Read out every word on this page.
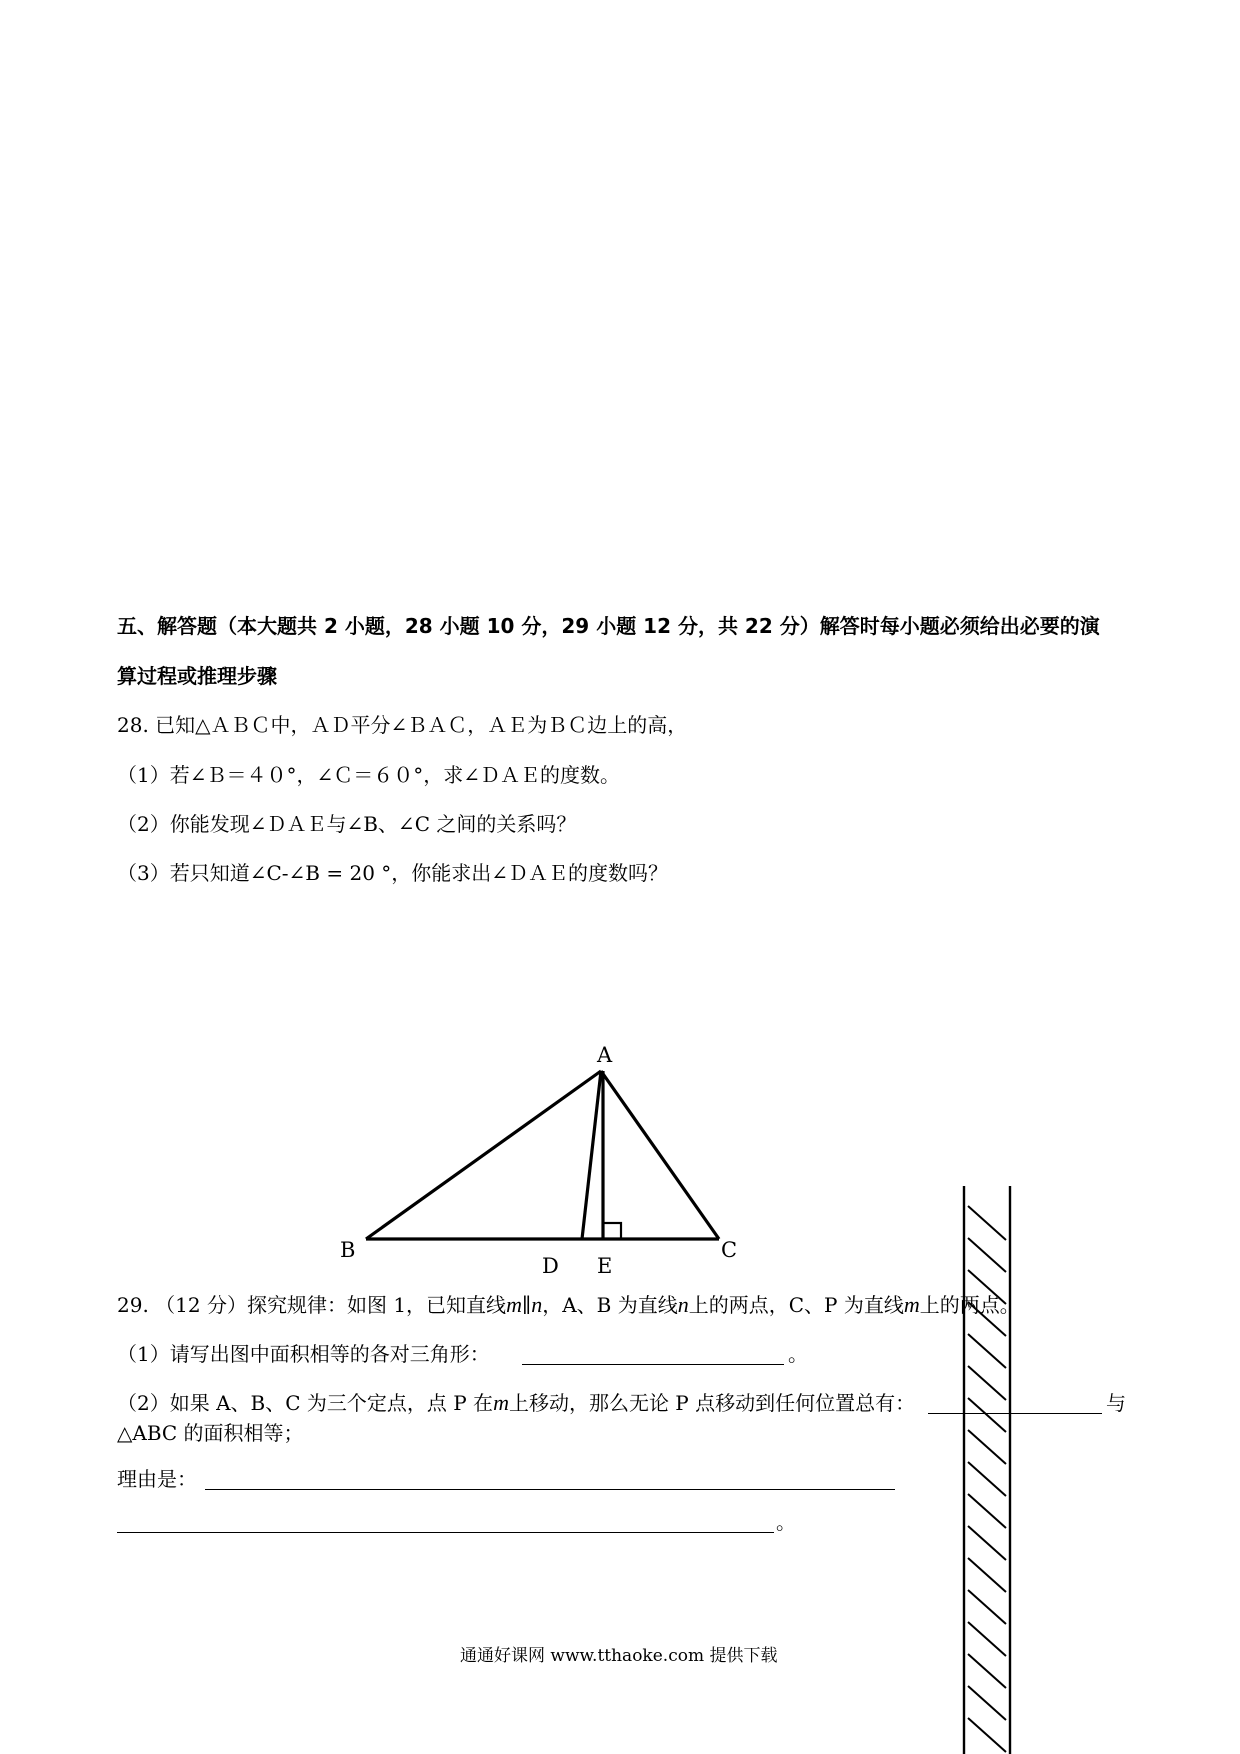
五、解答题（本大题共 2 小题，28 小题 10 分，29 小题 12 分，共 22 分）解答时每小题必须给出必要的演
算过程或推理步骤
28. 已知△ＡＢＣ中，ＡＤ平分∠ＢＡＣ，ＡＥ为ＢＣ边上的高，
（1）若∠Ｂ＝４０°，∠Ｃ＝６０°，求∠ＤＡＥ的度数。
（2）你能发现∠ＤＡＥ与∠B、∠C 之间的关系吗？
（3）若只知道∠C-∠B = 20 °，你能求出∠ＤＡＥ的度数吗？
A
B	C
D E
29. （12 分）探究规律：如图 1，已知直线m∥n，A、B 为直线n上的两点，C、P 为直线m上的两点。
（1）请写出图中面积相等的各对三角形：	。
（2）如果 A、B、C 为三个定点，点 P 在m上移动，那么无论 P 点移动到任何位置总有：	与
△ABC 的面积相等；
理由是：
。
通通好课网 www.tthaoke.com 提供下载
